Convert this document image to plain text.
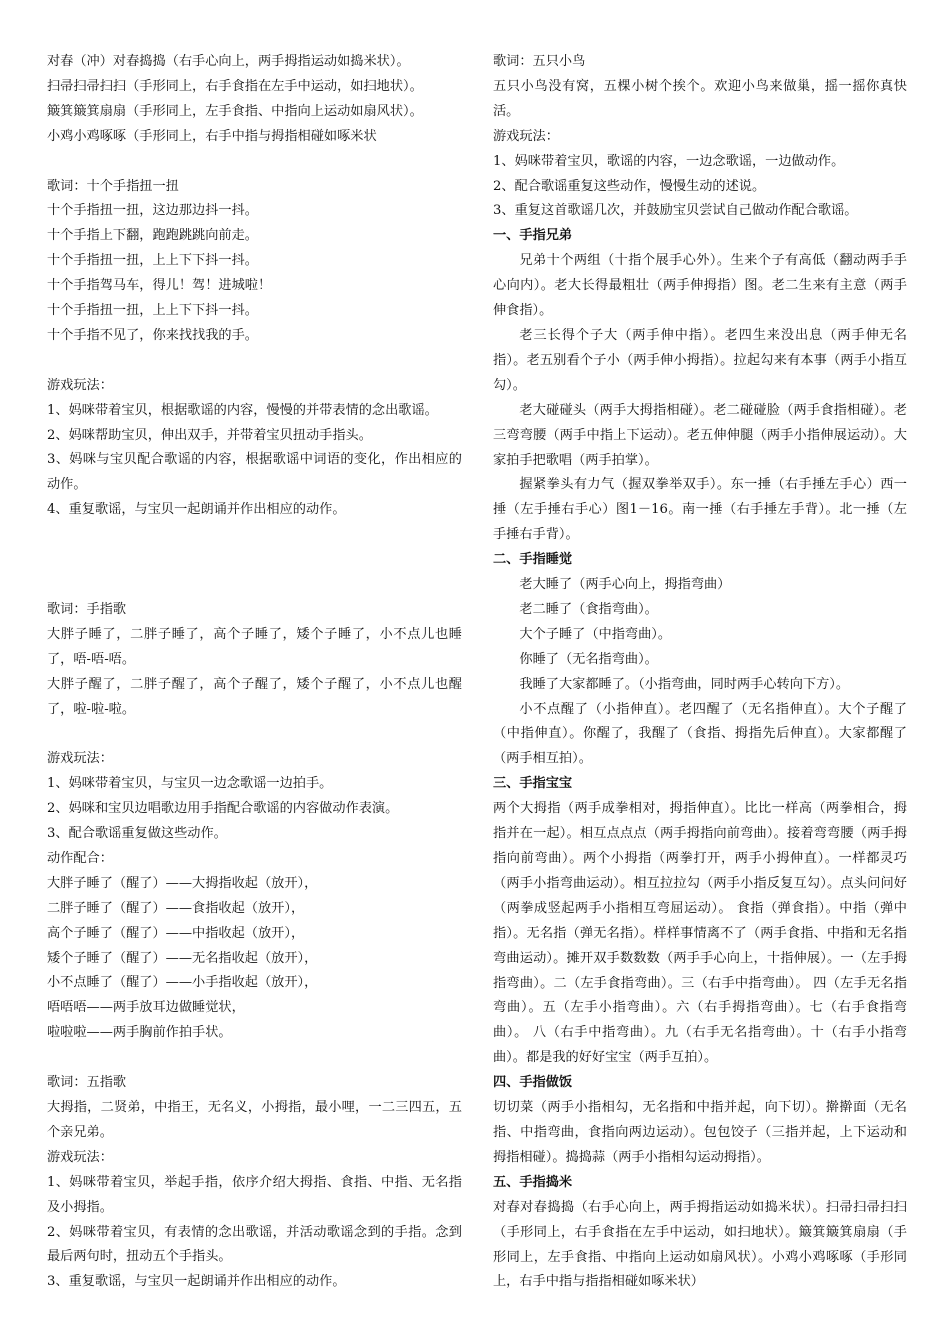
对春（冲）对春捣捣（右手心向上，两手拇指运动如捣米状）。

扫帚扫帚扫扫（手形同上，右手食指在左手中运动，如扫地状）。

簸箕簸箕扇扇（手形同上，左手食指、中指向上运动如扇风状）。

小鸡小鸡啄啄（手形同上，右手中指与拇指相碰如啄米状

歌词：十个手指扭一扭

十个手指扭一扭，这边那边抖一抖。

十个手指上下翻，跑跑跳跳向前走。

十个手指扭一扭，上上下下抖一抖。

十个手指驾马车，得儿！驾！进城啦！

十个手指扭一扭，上上下下抖一抖。

十个手指不见了，你来找找我的手。

游戏玩法：

1、妈咪带着宝贝，根据歌谣的内容，慢慢的并带表情的念出歌谣。

2、妈咪帮助宝贝，伸出双手，并带着宝贝扭动手指头。

3、妈咪与宝贝配合歌谣的内容，根据歌谣中词语的变化，作出相应的动作。

4、重复歌谣，与宝贝一起朗诵并作出相应的动作。

歌词：手指歌

大胖子睡了，二胖子睡了，高个子睡了，矮个子睡了，小不点儿也睡了，唔-唔-唔。

大胖子醒了，二胖子醒了，高个子醒了，矮个子醒了，小不点儿也醒了，啦-啦-啦。

游戏玩法：

1、妈咪带着宝贝，与宝贝一边念歌谣一边拍手。

2、妈咪和宝贝边唱歌边用手指配合歌谣的内容做动作表演。

3、配合歌谣重复做这些动作。

动作配合：

大胖子睡了（醒了）——大拇指收起（放开），

二胖子睡了（醒了）——食指收起（放开），

高个子睡了（醒了）——中指收起（放开），

矮个子睡了（醒了）——无名指收起（放开），

小不点睡了（醒了）——小手指收起（放开），

唔唔唔——两手放耳边做睡觉状，

啦啦啦——两手胸前作拍手状。

歌词：五指歌

大拇指，二贤弟，中指王，无名义，小拇指，最小哩，一二三四五，五个亲兄弟。

游戏玩法：

1、妈咪带着宝贝，举起手指，依序介绍大拇指、食指、中指、无名指及小拇指。

2、妈咪带着宝贝，有表情的念出歌谣，并活动歌谣念到的手指。念到最后两句时，扭动五个手指头。

3、重复歌谣，与宝贝一起朗诵并作出相应的动作。

歌词：五只小鸟

五只小鸟没有窝，五棵小树个挨个。欢迎小鸟来做巢，摇一摇你真快活。

游戏玩法：

1、妈咪带着宝贝，歌谣的内容，一边念歌谣，一边做动作。

2、配合歌谣重复这些动作，慢慢生动的述说。

3、重复这首歌谣几次，并鼓励宝贝尝试自己做动作配合歌谣。

一、手指兄弟

兄弟十个两组（十指个展手心外）。生来个子有高低（翻动两手手心向内）。老大长得最粗壮（两手伸拇指）图。老二生来有主意（两手伸食指）。

老三长得个子大（两手伸中指）。老四生来没出息（两手伸无名指）。老五别看个子小（两手伸小拇指）。拉起勾来有本事（两手小指互勾）。

老大碰碰头（两手大拇指相碰）。老二碰碰脸（两手食指相碰）。老三弯弯腰（两手中指上下运动）。老五伸伸腿（两手小指伸展运动）。大家拍手把歌唱（两手拍掌）。

握紧拳头有力气（握双拳举双手）。东一捶（右手捶左手心）西一捶（左手捶右手心）图1－16。南一捶（右手捶左手背）。北一捶（左手捶右手背）。

二、手指睡觉

老大睡了（两手心向上，拇指弯曲）

老二睡了（食指弯曲）。

大个子睡了（中指弯曲）。

你睡了（无名指弯曲）。

我睡了大家都睡了。（小指弯曲，同时两手心转向下方）。

小不点醒了（小指伸直）。老四醒了（无名指伸直）。大个子醒了（中指伸直）。你醒了，我醒了（食指、拇指先后伸直）。大家都醒了（两手相互拍）。

三、手指宝宝

两个大拇指（两手成拳相对，拇指伸直）。比比一样高（两拳相合，拇指并在一起）。相互点点点（两手拇指向前弯曲）。接着弯弯腰（两手拇指向前弯曲）。两个小拇指（两拳打开，两手小拇伸直）。一样都灵巧（两手小指弯曲运动）。相互拉拉勾（两手小指反复互勾）。点头问问好（两拳成竖起两手小指相互弯屈运动）。 食指（弹食指）。中指（弹中指）。无名指（弹无名指）。样样事情离不了（两手食指、中指和无名指弯曲运动）。摊开双手数数数（两手手心向上，十指伸展）。一（左手拇指弯曲）。二（左手食指弯曲）。三（右手中指弯曲）。 四（左手无名指弯曲）。五（左手小指弯曲）。六（右手拇指弯曲）。七（右手食指弯曲）。 八（右手中指弯曲）。九（右手无名指弯曲）。十（右手小指弯曲）。都是我的好好宝宝（两手互拍）。

四、手指做饭

切切菜（两手小指相勾，无名指和中指并起，向下切）。擀擀面（无名指、中指弯曲，食指向两边运动）。包包饺子（三指并起，上下运动和拇指相碰）。捣捣蒜（两手小指相勾运动拇指）。

五、手指捣米

对春对春捣捣（右手心向上，两手拇指运动如捣米状）。扫帚扫帚扫扫（手形同上，右手食指在左手中运动，如扫地状）。簸箕簸箕扇扇（手形同上，左手食指、中指向上运动如扇风状）。小鸡小鸡啄啄（手形同上，右手中指与指指相碰如啄米状）
